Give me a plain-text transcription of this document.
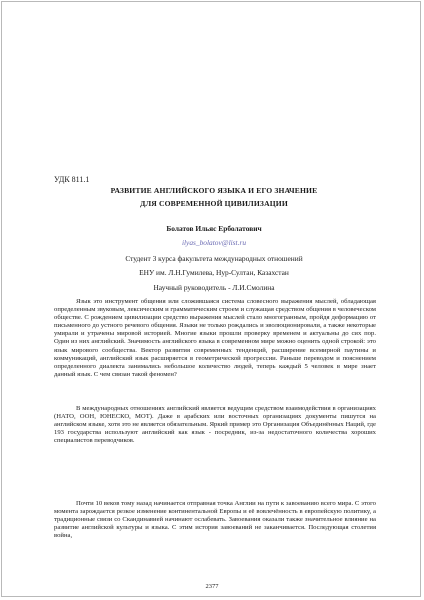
УДК 811.1
РАЗВИТИЕ АНГЛИЙСКОГО ЯЗЫКА И ЕГО ЗНАЧЕНИЕ
ДЛЯ СОВРЕМЕННОЙ ЦИВИЛИЗАЦИИ
Болатов Ильяс Ерболатович
ilyas_bolatov@list.ru
Студент 3 курса факультета международных отношений
ЕНУ им. Л.Н.Гумилева, Нур-Султан, Казахстан
Научный руководитель - Л.И.Смолина

Язык это инструмент общения или сложившаяся система словесного выражения мыслей, обладающая определенным звуковым, лексическим и грамматическим строем и служащая средством общения в человеческом обществе. С рождением цивилизации средство выражения мыслей стало многогранным, пройдя деформацию от письменного до устного речевого общения. Языки не только рождались и эволюционировали, а также некоторые умирали и утрачены мировой историей. Многие языки прошли проверку временем и актуальны до сих пор. Один из них английский. Значимость английского языка в современном мире можно оценить одной строкой: это язык мирового сообщества. Вектор развития современных тенденций, расширение всемирной паутины и коммуникаций, английский язык расширяется в геометрической прогрессии. Раньше переводом и пояснением определенного диалекта занимались небольшое количество людей, теперь каждый 5 человек в мире знает данный язык. С чем связан такой феномен?

В международных отношениях английский является ведущим средством взаимодействия в организациях (НАТО, ООН, ЮНЕСКО, МОТ). Даже в арабских или восточных организациях документы пишутся на английском языке, хотя это не является обязательным. Яркий пример это Организация Объединённых Наций, где 193 государства используют английский как язык - посредник, из-за недостаточного количества хороших специалистов переводчиков.

Почти 10 веков тому назад начинается отправная точка Англии на пути к завоеванию всего мира. С этого момента зарождается резкое изменение континентальной Европы и её вовлечённость в европейскую политику, а традиционные связи со Скандинавией начинают ослабевать. Завоевания оказали также значительное влияние на развитие английской культуры и языка. С этим история завоеваний не заканчивается. Последующая столетия война,

2377
